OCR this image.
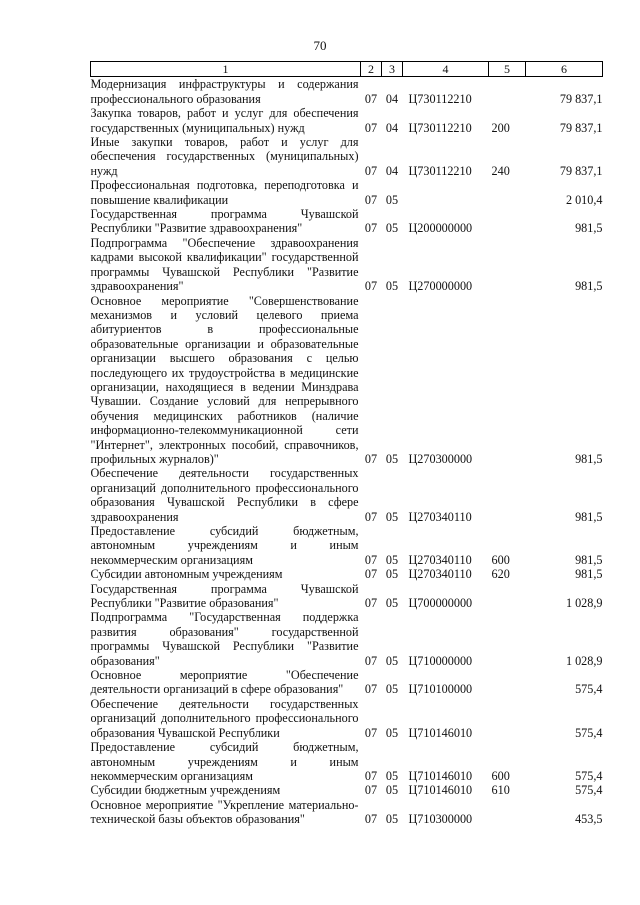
70
1	2	3	4	5	6
Модернизация инфраструктуры и содержания профессионального образования	07	04	Ц730112210		79 837,1
Закупка товаров, работ и услуг для обеспечения государственных (муниципальных) нужд	07	04	Ц730112210	200	79 837,1
Иные закупки товаров, работ и услуг для обеспечения государственных (муниципальных) нужд	07	04	Ц730112210	240	79 837,1
Профессиональная подготовка, переподготовка и повышение квалификации	07	05			2 010,4
Государственная программа Чувашской Республики "Развитие здравоохранения"	07	05	Ц200000000		981,5
Подпрограмма "Обеспечение здравоохранения кадрами высокой квалификации" государственной программы Чувашской Республики "Развитие здравоохранения"	07	05	Ц270000000		981,5
Основное мероприятие "Совершенствование механизмов и условий целевого приема абитуриентов в профессиональные образовательные организации и образовательные организации высшего образования с целью последующего их трудоустройства в медицинские организации, находящиеся в ведении Минздрава Чувашии. Создание условий для непрерывного обучения медицинских работников (наличие информационно-телекоммуникационной сети "Интернет", электронных пособий, справочников, профильных журналов)"	07	05	Ц270300000		981,5
Обеспечение деятельности государственных организаций дополнительного профессионального образования Чувашской Республики в сфере здравоохранения	07	05	Ц270340110		981,5
Предоставление субсидий бюджетным, автономным учреждениям и иным некоммерческим организациям	07	05	Ц270340110	600	981,5
Субсидии автономным учреждениям	07	05	Ц270340110	620	981,5
Государственная программа Чувашской Республики "Развитие образования"	07	05	Ц700000000		1 028,9
Подпрограмма "Государственная поддержка развития образования" государственной программы Чувашской Республики "Развитие образования"	07	05	Ц710000000		1 028,9
Основное мероприятие "Обеспечение деятельности организаций в сфере образования"	07	05	Ц710100000		575,4
Обеспечение деятельности государственных организаций дополнительного профессионального образования Чувашской Республики	07	05	Ц710146010		575,4
Предоставление субсидий бюджетным, автономным учреждениям и иным некоммерческим организациям	07	05	Ц710146010	600	575,4
Субсидии бюджетным учреждениям	07	05	Ц710146010	610	575,4
Основное мероприятие "Укрепление материально-технической базы объектов образования"	07	05	Ц710300000		453,5
